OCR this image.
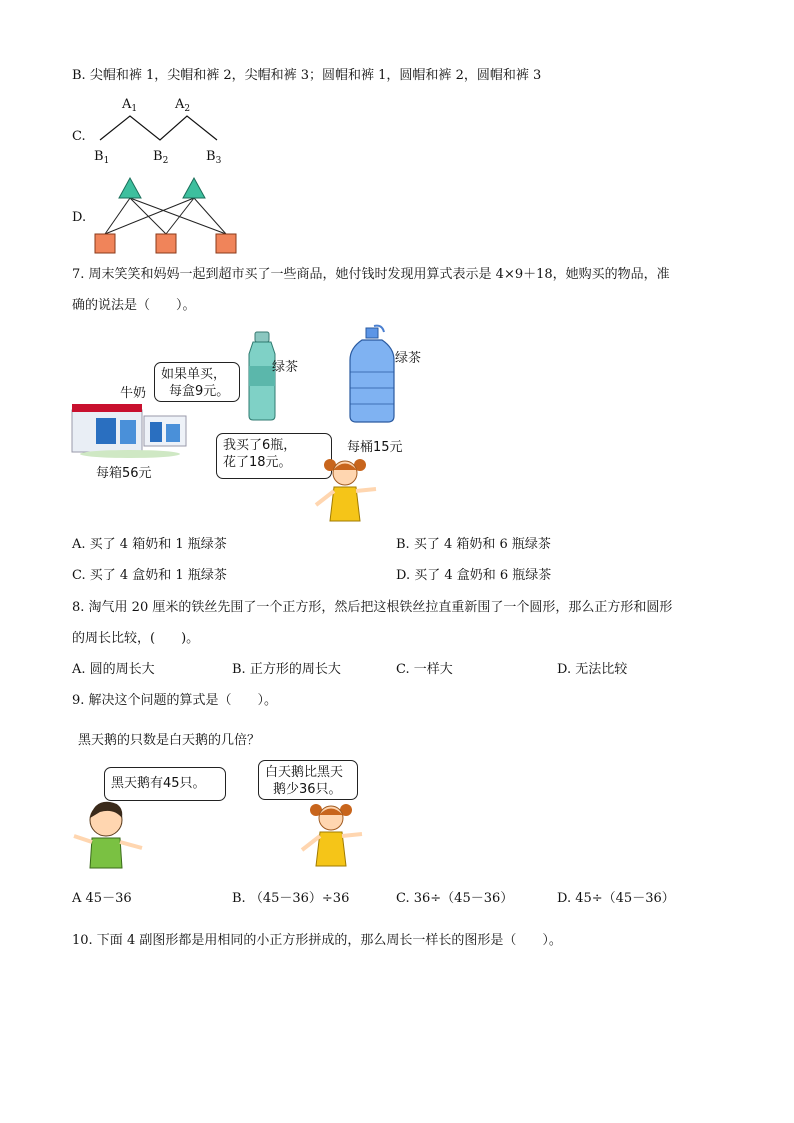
B. 尖帽和裤 1，尖帽和裤 2，尖帽和裤 3；圆帽和裤 1，圆帽和裤 2，圆帽和裤 3
C.
$A_1$	$A_2$
$B_1$	$B_2$	$B_3$
D.
7. 周末笑笑和妈妈一起到超市买了一些商品，她付钱时发现用算式表示是 4×9＋18，她购买的物品，准
确的说法是（　　）。
牛奶
如果单买，
每盒9元。
每箱56元
绿茶
绿茶
每桶15元
我买了6瓶，
花了18元。
A. 买了 4 箱奶和 1 瓶绿茶	B. 买了 4 箱奶和 6 瓶绿茶
C. 买了 4 盒奶和 1 瓶绿茶	D. 买了 4 盒奶和 6 瓶绿茶
8. 淘气用 20 厘米的铁丝先围了一个正方形，然后把这根铁丝拉直重新围了一个圆形，那么正方形和圆形
的周长比较，(　　)。
A. 圆的周长大	B. 正方形的周长大	C. 一样大	D. 无法比较
9. 解决这个问题的算式是（　　）。
黑天鹅的只数是白天鹅的几倍？
黑天鹅有45只。
白天鹅比黑天
鹅少36只。
A 45－36	B. （45－36）÷36	C. 36÷（45－36）	D. 45÷（45－36）
10. 下面 4 副图形都是用相同的小正方形拼成的，那么周长一样长的图形是（　　）。
